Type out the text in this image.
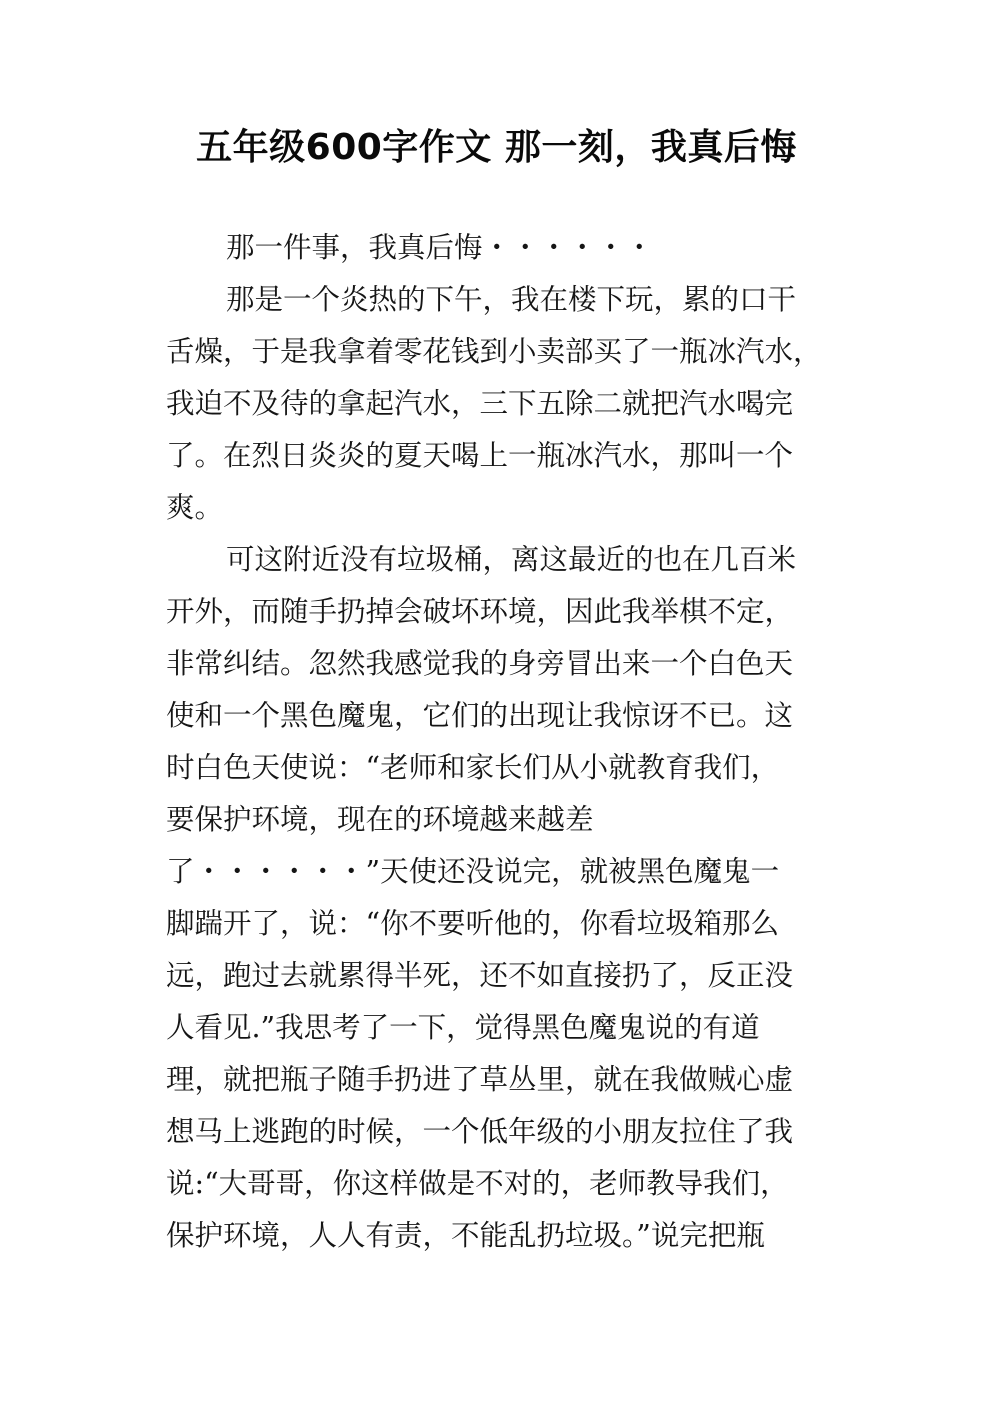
五年级600字作文 那一刻，我真后悔
那一件事，我真后悔・・・・・・
那是一个炎热的下午，我在楼下玩，累的口干
舌燥，于是我拿着零花钱到小卖部买了一瓶冰汽水，
我迫不及待的拿起汽水，三下五除二就把汽水喝完
了。在烈日炎炎的夏天喝上一瓶冰汽水，那叫一个
爽。
可这附近没有垃圾桶，离这最近的也在几百米
开外，而随手扔掉会破坏环境，因此我举棋不定，
非常纠结。忽然我感觉我的身旁冒出来一个白色天
使和一个黑色魔鬼，它们的出现让我惊讶不已。这
时白色天使说：“老师和家长们从小就教育我们，
要保护环境，现在的环境越来越差
了・・・・・・”天使还没说完，就被黑色魔鬼一
脚踹开了，说：“你不要听他的，你看垃圾箱那么
远，跑过去就累得半死，还不如直接扔了，反正没
人看见.”我思考了一下，觉得黑色魔鬼说的有道
理，就把瓶子随手扔进了草丛里，就在我做贼心虚
想马上逃跑的时候，一个低年级的小朋友拉住了我
说:“大哥哥，你这样做是不对的，老师教导我们，
保护环境，人人有责，不能乱扔垃圾。”说完把瓶
